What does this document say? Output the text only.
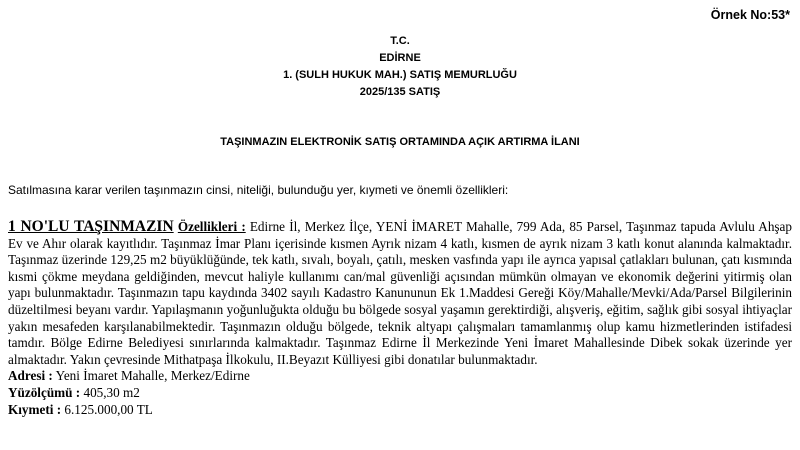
Örnek No:53*
T.C.
EDİRNE
1. (SULH HUKUK MAH.) SATIŞ MEMURLUĞU
2025/135 SATIŞ
TAŞINMAZIN ELEKTRONİK SATIŞ ORTAMINDA AÇIK ARTIRMA İLANI
Satılmasına karar verilen taşınmazın cinsi, niteliği, bulunduğu yer, kıymeti ve önemli özellikleri:

1 NO'LU TAŞINMAZIN Özellikleri : Edirne İl, Merkez İlçe, YENİ İMARET Mahalle, 799 Ada, 85 Parsel, Taşınmaz tapuda Avlulu Ahşap Ev ve Ahır olarak kayıtlıdır. Taşınmaz İmar Planı içerisinde kısmen Ayrık nizam 4 katlı, kısmen de ayrık nizam 3 katlı konut alanında kalmaktadır. Taşınmaz üzerinde 129,25 m2 büyüklüğünde, tek katlı, sıvalı, boyalı, çatılı, mesken vasfında yapı ile ayrıca yapısal çatlakları bulunan, çatı kısmında kısmi çökme meydana geldiğinden, mevcut haliyle kullanımı can/mal güvenliği açısından mümkün olmayan ve ekonomik değerini yitirmiş olan yapı bulunmaktadır. Taşınmazın tapu kaydında 3402 sayılı Kadastro Kanununun Ek 1.Maddesi Gereği Köy/Mahalle/Mevki/Ada/Parsel Bilgilerinin düzeltilmesi beyanı vardır. Yapılaşmanın yoğunluğukta olduğu bu bölgede sosyal yaşamın gerektirdiği, alışveriş, eğitim, sağlık gibi sosyal ihtiyaçlar yakın mesafeden karşılanabilmektedir. Taşınmazın olduğu bölgede, teknik altyapı çalışmaları tamamlanmış olup kamu hizmetlerinden istifadesi tamdır. Bölge Edirne Belediyesi sınırlarında kalmaktadır. Taşınmaz Edirne İl Merkezinde Yeni İmaret Mahallesinde Dibek sokak üzerinde yer almaktadır. Yakın çevresinde Mithatpaşa İlkokulu, II.Beyazıt Külliyesi gibi donatılar bulunmaktadır.

Adresi : Yeni İmaret Mahalle, Merkez/Edirne

Yüzölçümü : 405,30 m2

Kıymeti : 6.125.000,00 TL
